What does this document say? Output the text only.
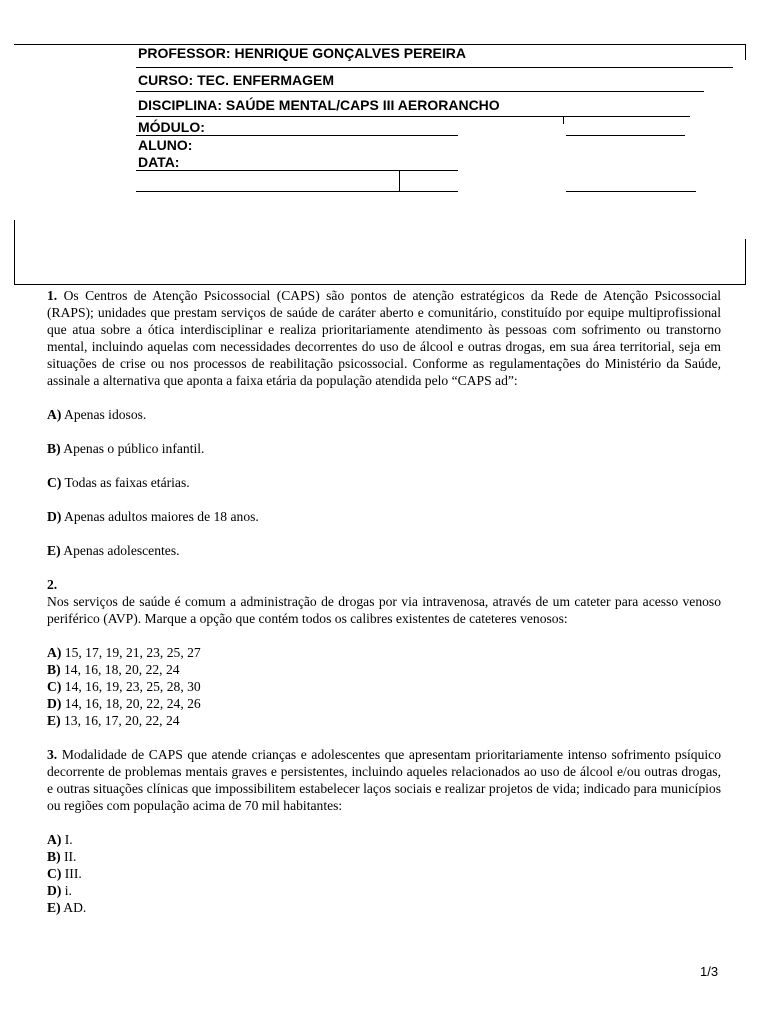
PROFESSOR: HENRIQUE GONÇALVES PEREIRA
CURSO: TEC. ENFERMAGEM
DISCIPLINA: SAÚDE MENTAL/CAPS III AERORANCHO
MÓDULO:
ALUNO:
DATA:

1. Os Centros de Atenção Psicossocial (CAPS) são pontos de atenção estratégicos da Rede de Atenção Psicossocial (RAPS); unidades que prestam serviços de saúde de caráter aberto e comunitário, constituído por equipe multiprofissional que atua sobre a ótica interdisciplinar e realiza prioritariamente atendimento às pessoas com sofrimento ou transtorno mental, incluindo aquelas com necessidades decorrentes do uso de álcool e outras drogas, em sua área territorial, seja em situações de crise ou nos processos de reabilitação psicossocial. Conforme as regulamentações do Ministério da Saúde, assinale a alternativa que aponta a faixa etária da população atendida pelo “CAPS ad”:

A) Apenas idosos.

B) Apenas o público infantil.

C) Todas as faixas etárias.

D) Apenas adultos maiores de 18 anos.

E) Apenas adolescentes.

2.

Nos serviços de saúde é comum a administração de drogas por via intravenosa, através de um cateter para acesso venoso periférico (AVP). Marque a opção que contém todos os calibres existentes de cateteres venosos:

A) 15, 17, 19, 21, 23, 25, 27

B) 14, 16, 18, 20, 22, 24

C) 14, 16, 19, 23, 25, 28, 30

D) 14, 16, 18, 20, 22, 24, 26

E) 13, 16, 17, 20, 22, 24

3. Modalidade de CAPS que atende crianças e adolescentes que apresentam prioritariamente intenso sofrimento psíquico decorrente de problemas mentais graves e persistentes, incluindo aqueles relacionados ao uso de álcool e/ou outras drogas, e outras situações clínicas que impossibilitem estabelecer laços sociais e realizar projetos de vida; indicado para municípios ou regiões com população acima de 70 mil habitantes:

A) I.

B) II.

C) III.

D) i.

E) AD.

1/3
